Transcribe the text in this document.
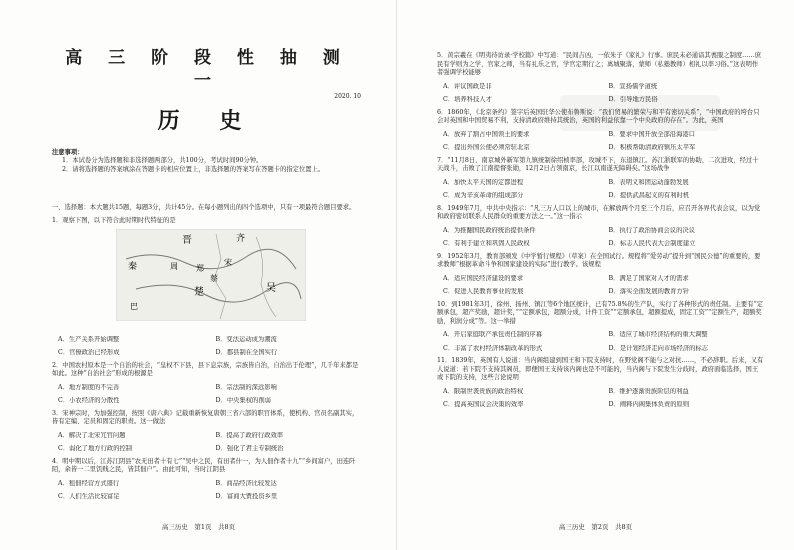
高 三 阶 段 性 抽 测 一
历 史
2020. 10
注意事项：
1．本试卷分为选择题和非选择题两部分，共100分，考试时间90分钟。
2．请将选择题的答案填涂在答题卡的相应位置上，非选择题的答案写在答题卡的指定位置上。
一、选择题：本大题共15题，每题3分，共计45分。在每小题列出的四个选项中，只有一项最符合题目要求。
1．观察下图，以下符合此时期时代特征的是
晋	齐
秦	周 郑
宋
蔡
楚	吴
巴
A．生产关系开始调整	B．变法运动成为潮流
C．官僚政治已经形成	D．郡县制在全国实行
2．中国农村原本是一个自治的社会，“皇权不下县，县下息宗族，宗族皆自治，自治出于伦理”，几千年来都是如此。这种“自治社会”形成的根源是
A．地方制度的不完善	B．宗法制的深远影响
C．小农经济的分散性	D．中央集权的削弱
3．宋神宗时，为加强控制，按照《唐六典》记载重新恢复唐朝三省六部的职官体系，使机构、官员名副其实，皆有定编、定员和固定的职责。这一做法
A．解决了北宋冗官问题	B．提高了政府行政效率
C．弱化了地方行政的控制	D．强化了君主专制统治
4．明中期以后，江苏江阴县“农无田者十有七”“吴中之民，有田者什一，为人佃作者十九”“乡间富户，田连阡陌，余皆一二里饥贱之民，皆其佃户”。由此可知，当时江阴县
A．租佃经营方式盛行	B．商品经济比较发达
C．人们生活比较富足	D．富商大贾投资乡里
高三历史　第1页　共8页
5．黄宗羲在《明夷待访录·学校篇》中写道：“民间吉凶，一依朱子《家礼》行事。庶民未必通谙其喪服之制度……庶民有学则为之学，官家之师，当有礼乐之官，学官定期行之；离城聚落，蒙师（私塾教师）相礼以率习俗。”这表明作者强调学校能够
A．评议国政是非	B．宣扬儒学道统
C．培养科技人才	D．引导地方民俗
6．1860年，《北京条约》签字后英国驻华公使布鲁斯说：“我们贸易的繁荣与和平有密切关系”，“中国政府的垮台只会对英国和中国贸易不利，支持清政府维持其统治，英国的利益依靠一个中央政府的存在”。为此，英国
A．放弃了割占中国领土的要求	B．要求中国开放全部沿海港口
C．提出外国公使必须常驻北京	D．积极帮助清政府镇压太平军
7．“11月8日，南京城外新军第九镇统制徐绍桢率部，攻城不下，东退镇江。苏江浙联军的协助，二次进攻，经过十天战斗，击败了江南提督张勋，12月2日占领南京，长江以南遂无障碍矣。”这场战争
A．加快太平天国的定都进程	B．表明义和团运动蓬勃发展
C．成为辛亥革命的组成部分	D．提供武昌起义的有利时机
8．1949年7月，中共中央指示：“凡三万人口以上的城市，在解放两个月至三个月后，应召开各界代表会议，以为党和政府密切联系人民群众的重要方法之一。”这一指示
A．为推翻国民政府统治提供条件	B．执行了政治协商会议的决议
C．有利于建立和巩固人民政权	D．标志人民代表大会制度建立
9．1952年3月，教育部颁发《中学暂行规程》（草案）在全国试行。规程将“爱劳动”提升到“国民公德”的重要的，要求教师“根据革命斗争和国家建设的实际”进行教学。该规程
A．适应国民经济建设的要求	B．满足了国家对人才的需求
C．促进人民教育事业的发展	D．落实全面发展的教育方针
10．到1981年3月，徐州、扬州、镇江等6个地区统计，已有75.8%的生产队，实行了各种形式的责任制。主要有“定额承包，超产奖励，超计奖，”“定额承包，超额分成，计件工资”“定额承包，超额提成，固定工资”“定额生产，超额奖励，利润分成”等。这一举措
A．开启家庭联产承包责任制的序幕	B．适应了城市经济结构的重大调整
C．丰富了农村经济体制改革的形式	D．是计划经济走向市场经济的标志
11．1839年，英国有人说道：当内阁组建到国王和下院支持时，在野党阁不能与之对抗……，不必辞职。后来，又有人说道：若下院不支持其阁员，即便国王支持该内阁也是不可能的，当内阁与下院发生分歧时，政府面临选择，国王或下院的支持，这些言论说明
A．限制世袭贵族的政治特权	B．维护逐渐贵族阶层的利益
C．提高英国议会决策的效率	D．阐释内阁集体负责的原则
高三历史　第2页　共8页
